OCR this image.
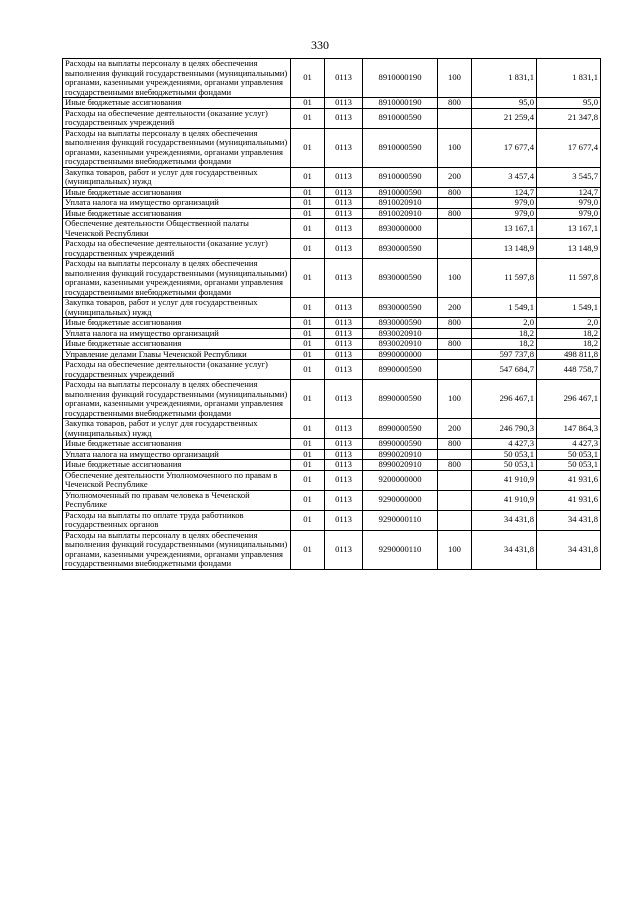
330
Расходы на выплаты персоналу в целях обеспечения выполнения функций государственными (муниципальными) органами, казенными учреждениями, органами управления государственными внебюджетными фондами	01	0113	8910000190	100	1 831,1	1 831,1
Иные бюджетные ассигнования	01	0113	8910000190	800	95,0	95,0
Расходы на обеспечение деятельности (оказание услуг) государственных учреждений	01	0113	8910000590		21 259,4	21 347,8
Расходы на выплаты персоналу в целях обеспечения выполнения функций государственными (муниципальными) органами, казенными учреждениями, органами управления государственными внебюджетными фондами	01	0113	8910000590	100	17 677,4	17 677,4
Закупка товаров, работ и услуг для государственных (муниципальных) нужд	01	0113	8910000590	200	3 457,4	3 545,7
Иные бюджетные ассигнования	01	0113	8910000590	800	124,7	124,7
Уплата налога на имущество организаций	01	0113	8910020910		979,0	979,0
Иные бюджетные ассигнования	01	0113	8910020910	800	979,0	979,0
Обеспечение деятельности Общественной палаты Чеченской Республики	01	0113	8930000000		13 167,1	13 167,1
Расходы на обеспечение деятельности (оказание услуг) государственных учреждений	01	0113	8930000590		13 148,9	13 148,9
Расходы на выплаты персоналу в целях обеспечения выполнения функций государственными (муниципальными) органами, казенными учреждениями, органами управления государственными внебюджетными фондами	01	0113	8930000590	100	11 597,8	11 597,8
Закупка товаров, работ и услуг для государственных (муниципальных) нужд	01	0113	8930000590	200	1 549,1	1 549,1
Иные бюджетные ассигнования	01	0113	8930000590	800	2,0	2,0
Уплата налога на имущество организаций	01	0113	8930020910		18,2	18,2
Иные бюджетные ассигнования	01	0113	8930020910	800	18,2	18,2
Управление делами Главы Чеченской Республики	01	0113	8990000000		597 737,8	498 811,8
Расходы на обеспечение деятельности (оказание услуг) государственных учреждений	01	0113	8990000590		547 684,7	448 758,7
Расходы на выплаты персоналу в целях обеспечения выполнения функций государственными (муниципальными) органами, казенными учреждениями, органами управления государственными внебюджетными фондами	01	0113	8990000590	100	296 467,1	296 467,1
Закупка товаров, работ и услуг для государственных (муниципальных) нужд	01	0113	8990000590	200	246 790,3	147 864,3
Иные бюджетные ассигнования	01	0113	8990000590	800	4 427,3	4 427,3
Уплата налога на имущество организаций	01	0113	8990020910		50 053,1	50 053,1
Иные бюджетные ассигнования	01	0113	8990020910	800	50 053,1	50 053,1
Обеспечение деятельности Уполномоченного по правам в Чеченской Республике	01	0113	9200000000		41 910,9	41 931,6
Уполномоченный по правам человека в Чеченской Республике	01	0113	9290000000		41 910,9	41 931,6
Расходы на выплаты по оплате труда работников государственных органов	01	0113	9290000110		34 431,8	34 431,8
Расходы на выплаты персоналу в целях обеспечения выполнения функций государственными (муниципальными) органами, казенными учреждениями, органами управления государственными внебюджетными фондами	01	0113	9290000110	100	34 431,8	34 431,8
